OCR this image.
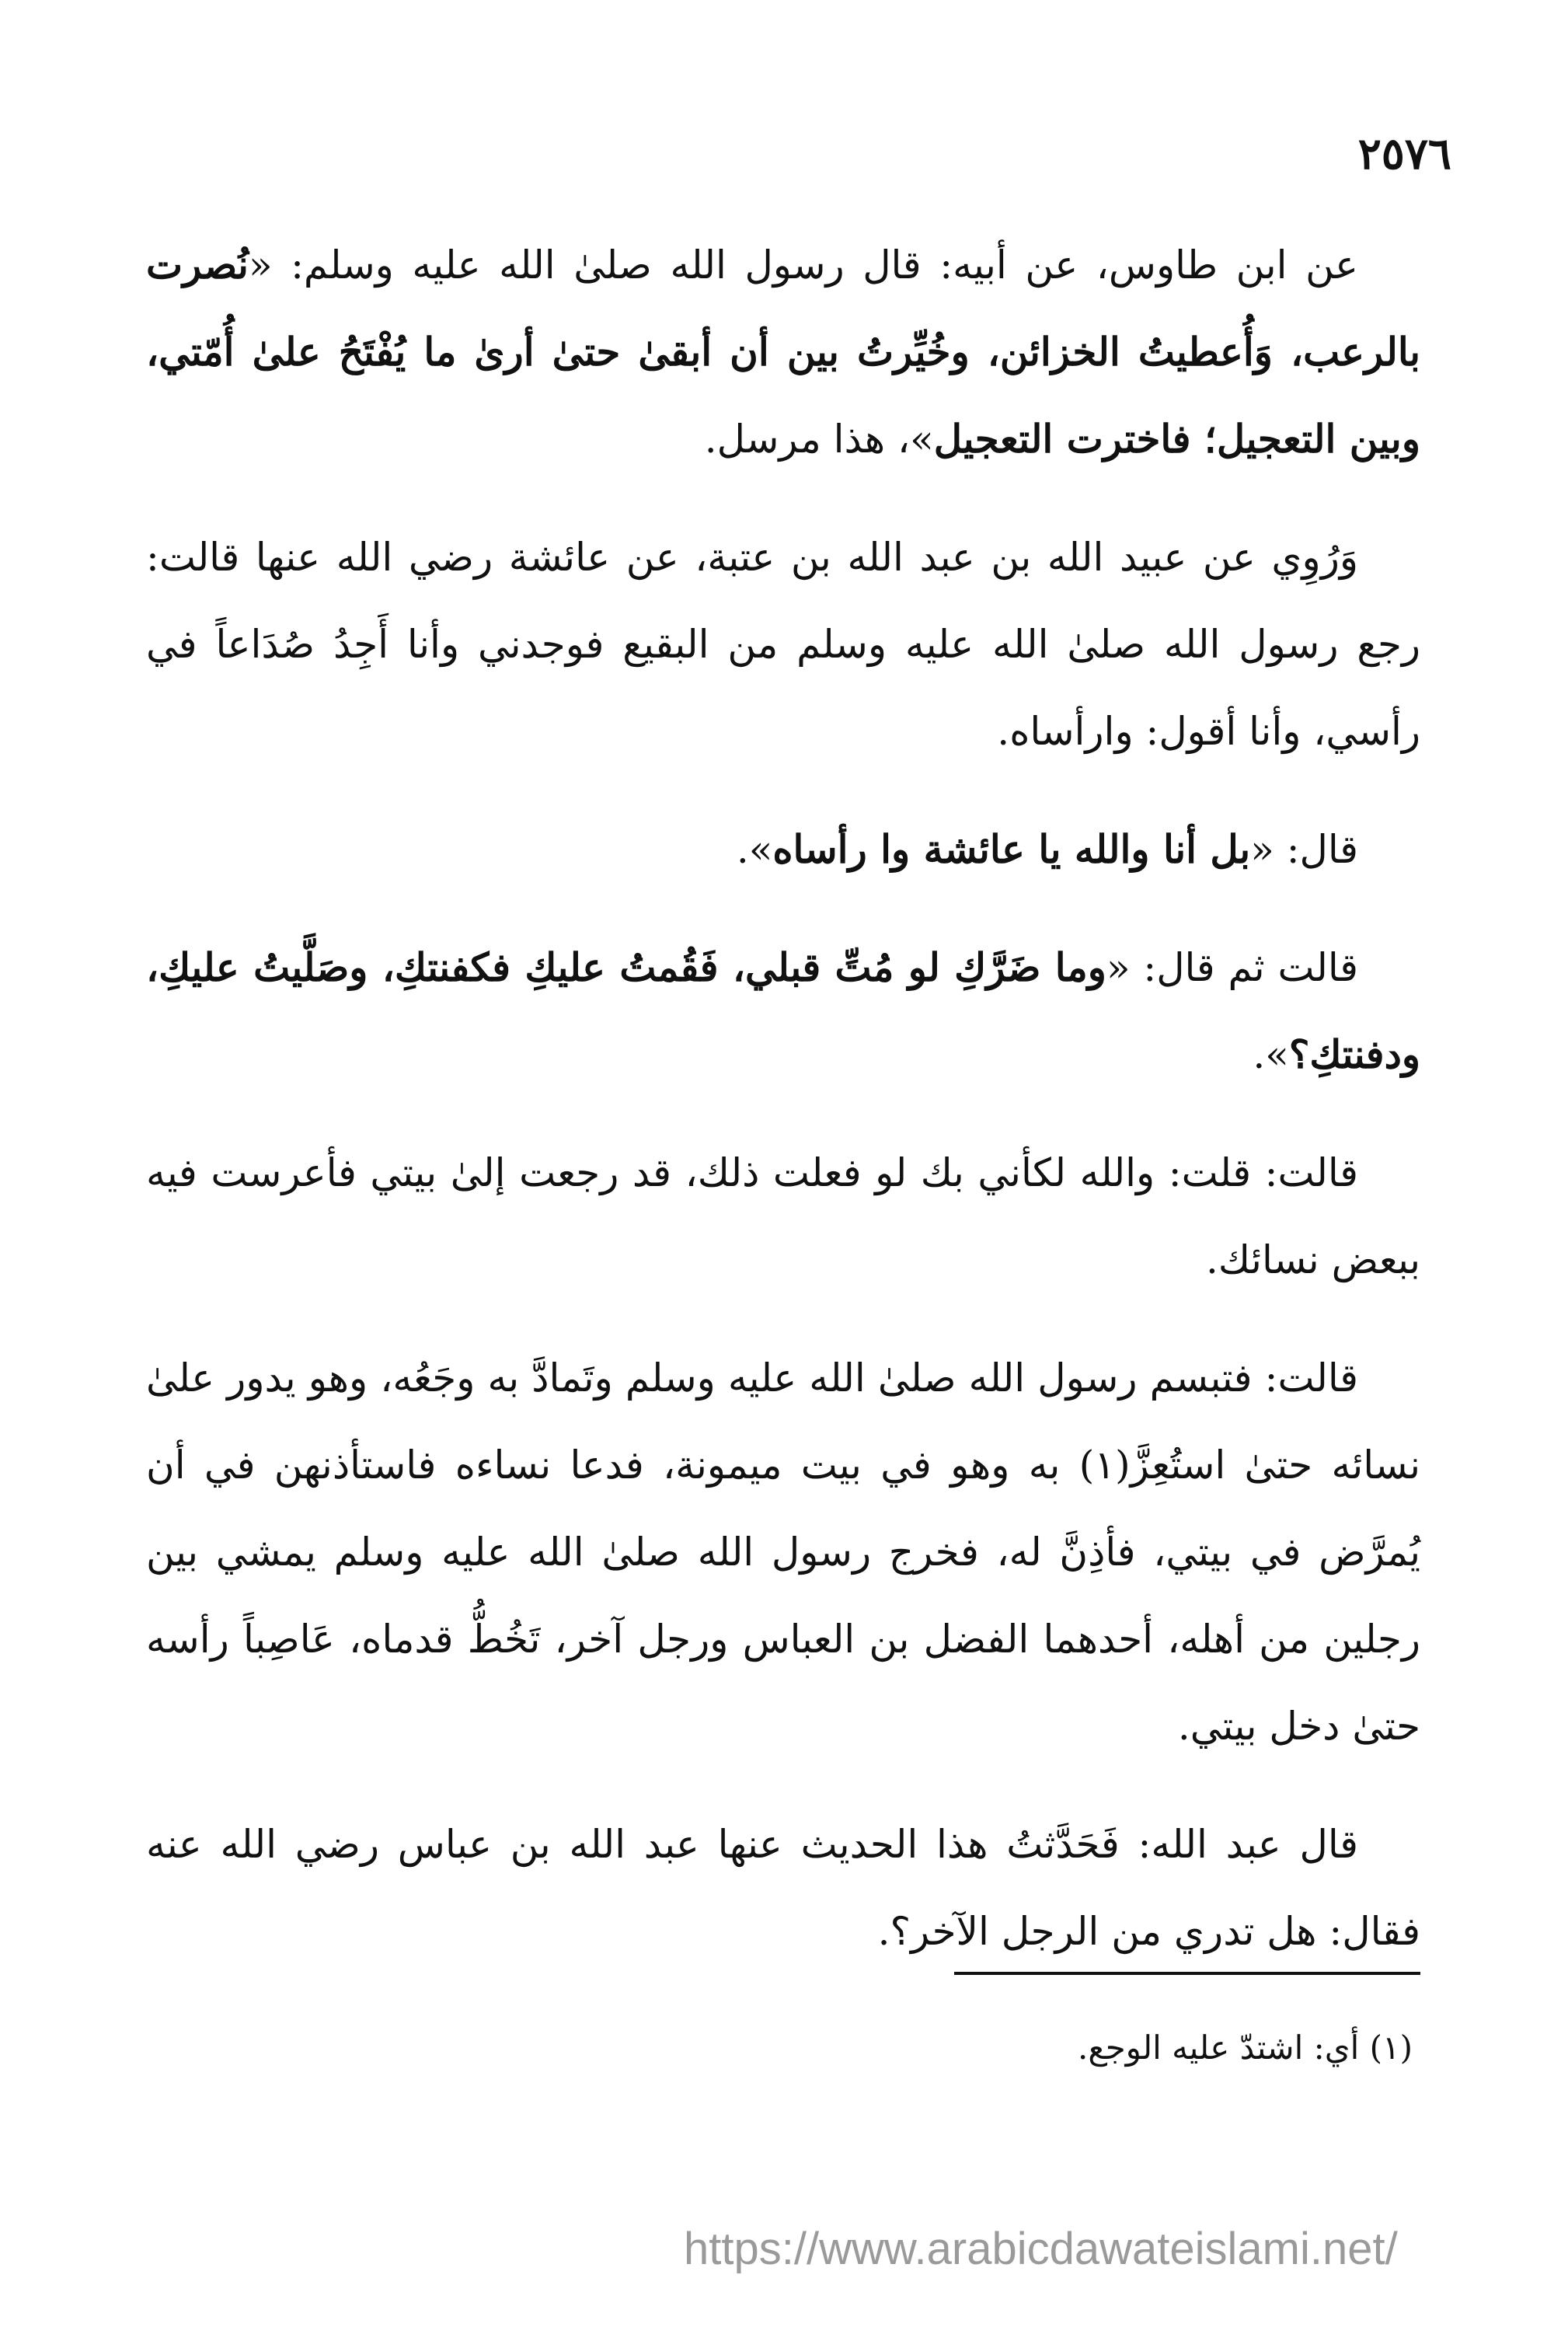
٢٥٧٦

عن ابن طاوس، عن أبيه: قال رسول الله صلىٰ الله عليه وسلم: «نُصرت بالرعب، وَأُعطيتُ الخزائن، وخُيِّرتُ بين أن أبقىٰ حتىٰ أرىٰ ما يُفْتَحُ علىٰ أُمّتي، وبين التعجيل؛ فاخترت التعجيل»، هذا مرسل.

وَرُوِي عن عبيد الله بن عبد الله بن عتبة، عن عائشة رضي الله عنها قالت: رجع رسول الله صلىٰ الله عليه وسلم من البقيع فوجدني وأنا أَجِدُ صُدَاعاً في رأسي، وأنا أقول: وارأساه.

قال: «بل أنا والله يا عائشة وا رأساه».

قالت ثم قال: «وما ضَرَّكِ لو مُتِّ قبلي، فَقُمتُ عليكِ فكفنتكِ، وصَلَّيتُ عليكِ، ودفنتكِ؟».

قالت: قلت: والله لكأني بك لو فعلت ذلك، قد رجعت إلىٰ بيتي فأعرست فيه ببعض نسائك.

قالت: فتبسم رسول الله صلىٰ الله عليه وسلم وتَمادَّ به وجَعُه، وهو يدور علىٰ نسائه حتىٰ استُعِزَّ(١) به وهو في بيت ميمونة، فدعا نساءه فاستأذنهن في أن يُمرَّض في بيتي، فأذِنَّ له، فخرج رسول الله صلىٰ الله عليه وسلم يمشي بين رجلين من أهله، أحدهما الفضل بن العباس ورجل آخر، تَخُطُّ قدماه، عَاصِباً رأسه حتىٰ دخل بيتي.

قال عبد الله: فَحَدَّثتُ هذا الحديث عنها عبد الله بن عباس رضي الله عنه فقال: هل تدري من الرجل الآخر؟.

(١) أي: اشتدّ عليه الوجع.
https://www.arabicdawateislami.net/
